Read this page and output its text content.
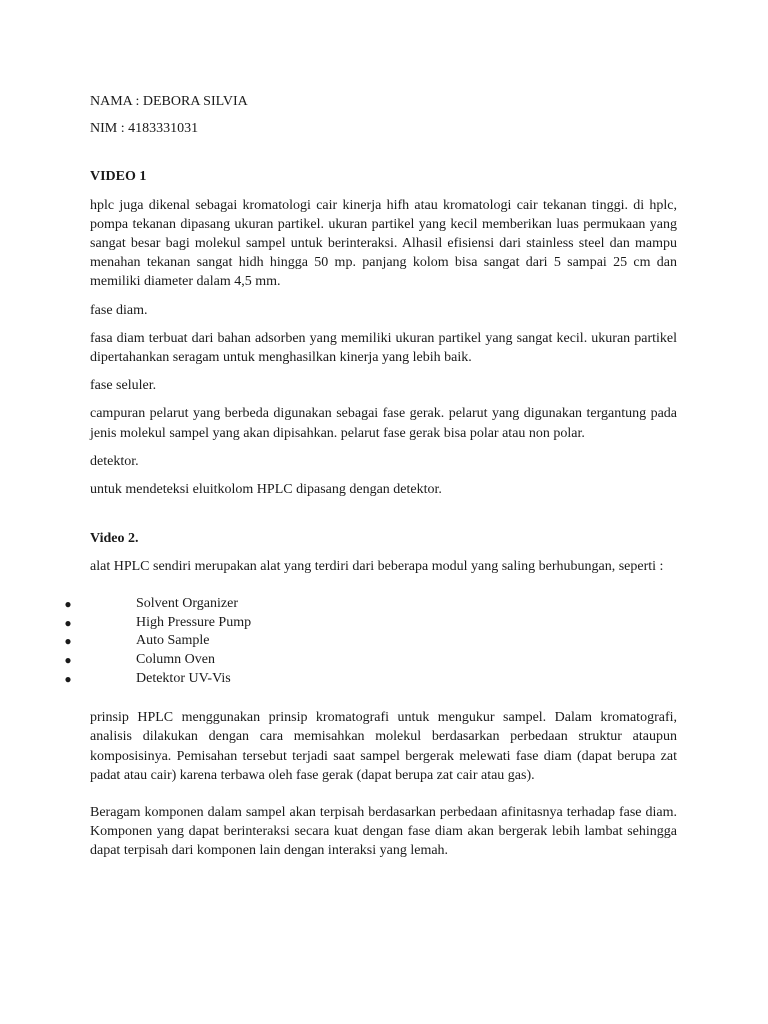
NAMA : DEBORA SILVIA

NIM : 4183331031

VIDEO 1

hplc juga dikenal sebagai kromatologi cair kinerja hifh atau kromatologi cair tekanan tinggi. di hplc, pompa tekanan dipasang ukuran partikel. ukuran partikel yang kecil memberikan luas permukaan yang sangat besar bagi molekul sampel untuk berinteraksi. Alhasil efisiensi dari stainless steel dan mampu menahan tekanan sangat hidh hingga 50 mp. panjang kolom bisa sangat dari 5 sampai 25 cm dan memiliki diameter dalam 4,5 mm.

fase diam.

fasa diam terbuat dari bahan adsorben yang memiliki ukuran partikel yang sangat kecil. ukuran partikel dipertahankan seragam untuk menghasilkan kinerja yang lebih baik.

fase seluler.

campuran pelarut yang berbeda digunakan sebagai fase gerak. pelarut yang digunakan tergantung pada jenis molekul sampel yang akan dipisahkan. pelarut fase gerak bisa polar atau non polar.

detektor.

untuk mendeteksi eluitkolom HPLC dipasang dengan detektor.

Video 2.

alat HPLC sendiri merupakan alat yang terdiri dari beberapa modul yang saling berhubungan, seperti :

●	Solvent Organizer
●	High Pressure Pump
●	Auto Sample
●	Column Oven
●	Detektor UV-Vis

prinsip HPLC menggunakan prinsip kromatografi untuk mengukur sampel. Dalam kromatografi, analisis dilakukan dengan cara memisahkan molekul berdasarkan perbedaan struktur ataupun komposisinya. Pemisahan tersebut terjadi saat sampel bergerak melewati fase diam (dapat berupa zat padat atau cair) karena terbawa oleh fase gerak (dapat berupa zat cair atau gas).

Beragam komponen dalam sampel akan terpisah berdasarkan perbedaan afinitasnya terhadap fase diam. Komponen yang dapat berinteraksi secara kuat dengan fase diam akan bergerak lebih lambat sehingga dapat terpisah dari komponen lain dengan interaksi yang lemah.
